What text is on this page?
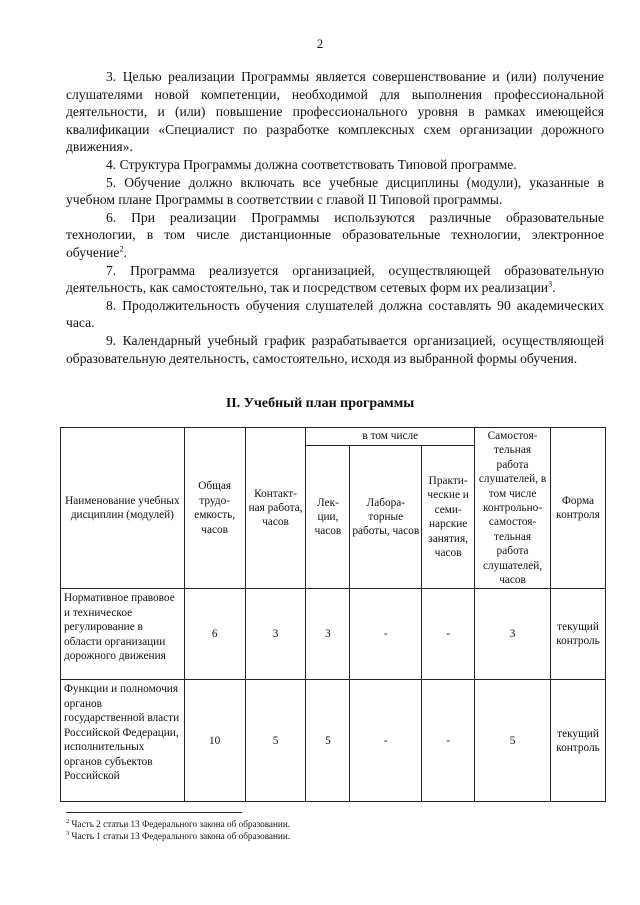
2

3. Целью реализации Программы является совершенствование и (или) получение слушателями новой компетенции, необходимой для выполнения профессиональной деятельности, и (или) повышение профессионального уровня в рамках имеющейся квалификации «Специалист по разработке комплексных схем организации дорожного движения».

4. Структура Программы должна соответствовать Типовой программе.

5. Обучение должно включать все учебные дисциплины (модули), указанные в учебном плане Программы в соответствии с главой II Типовой программы.

6. При реализации Программы используются различные образовательные технологии, в том числе дистанционные образовательные технологии, электронное обучение$^2$.

7. Программа реализуется организацией, осуществляющей образовательную деятельность, как самостоятельно, так и посредством сетевых форм их реализации$^3$.

8. Продолжительность обучения слушателей должна составлять 90 академических часа.

9. Календарный учебный график разрабатывается организацией, осуществляющей образовательную деятельность, самостоятельно, исходя из выбранной формы обучения.

II. Учебный план программы
Наименование учебных дисциплин (модулей)	Общая трудо-емкость, часов	Контакт-ная работа, часов	в том числе			Самостоя-тельная работа слушателей, в том числе контрольно-самостоя-тельная работа слушателей, часов	Форма контроля
			Лек-ции, часов	Лабора-торные работы, часов	Практи-ческие и семи-нарские занятия, часов		
Нормативное правовое и техническое регулирование в области организации дорожного движения	6	3	3	-	-	3	текущий контроль
Функции и полномочия органов государственной власти Российской Федерации, исполнительных органов субъектов Российской	10	5	5	-	-	5	текущий контроль
$^2$ Часть 2 статьи 13 Федерального закона об образовании.
$^3$ Часть 1 статьи 13 Федерального закона об образовании.
